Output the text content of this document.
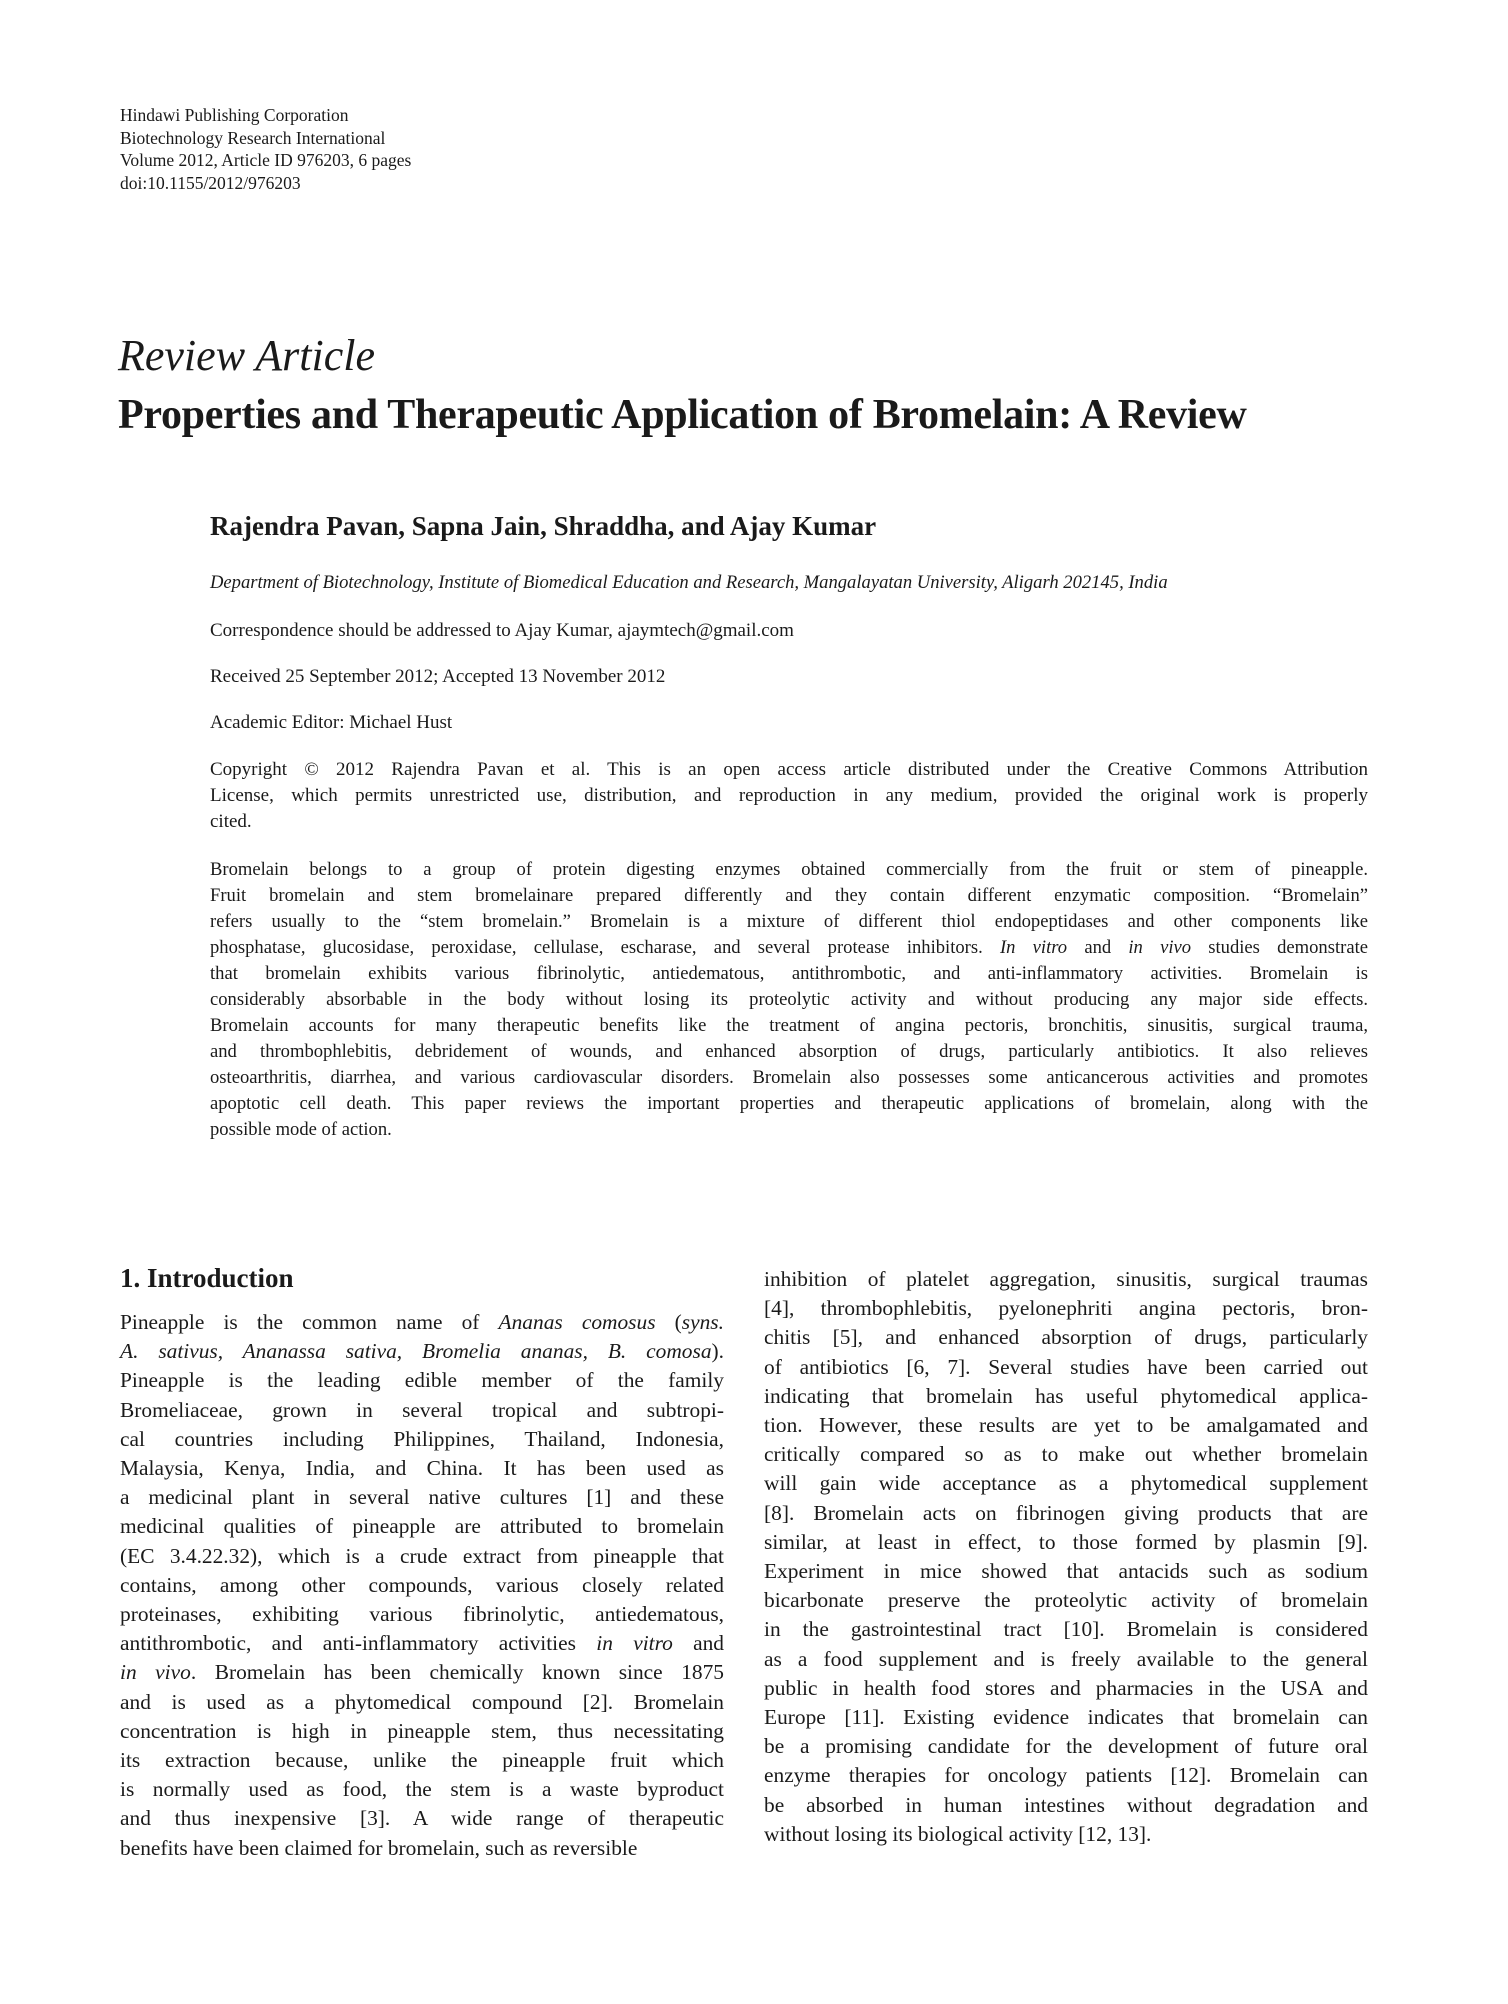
Hindawi Publishing Corporation
Biotechnology Research International
Volume 2012, Article ID 976203, 6 pages
doi:10.1155/2012/976203
Review Article
Properties and Therapeutic Application of Bromelain: A Review
Rajendra Pavan, Sapna Jain, Shraddha, and Ajay Kumar
Department of Biotechnology, Institute of Biomedical Education and Research, Mangalayatan University, Aligarh 202145, India
Correspondence should be addressed to Ajay Kumar, ajaymtech@gmail.com
Received 25 September 2012; Accepted 13 November 2012
Academic Editor: Michael Hust
Copyright © 2012 Rajendra Pavan et al. This is an open access article distributed under the Creative Commons Attribution
License, which permits unrestricted use, distribution, and reproduction in any medium, provided the original work is properly
cited.
Bromelain belongs to a group of protein digesting enzymes obtained commercially from the fruit or stem of pineapple.
Fruit bromelain and stem bromelainare prepared differently and they contain different enzymatic composition. “Bromelain”
refers usually to the “stem bromelain.” Bromelain is a mixture of different thiol endopeptidases and other components like
phosphatase, glucosidase, peroxidase, cellulase, escharase, and several protease inhibitors. In vitro and in vivo studies demonstrate
that bromelain exhibits various fibrinolytic, antiedematous, antithrombotic, and anti-inflammatory activities. Bromelain is
considerably absorbable in the body without losing its proteolytic activity and without producing any major side effects.
Bromelain accounts for many therapeutic benefits like the treatment of angina pectoris, bronchitis, sinusitis, surgical trauma,
and thrombophlebitis, debridement of wounds, and enhanced absorption of drugs, particularly antibiotics. It also relieves
osteoarthritis, diarrhea, and various cardiovascular disorders. Bromelain also possesses some anticancerous activities and promotes
apoptotic cell death. This paper reviews the important properties and therapeutic applications of bromelain, along with the
possible mode of action.
1. Introduction
Pineapple is the common name of Ananas comosus (syns.
A. sativus, Ananassa sativa, Bromelia ananas, B. comosa).
Pineapple is the leading edible member of the family
Bromeliaceae, grown in several tropical and subtropi-
cal countries including Philippines, Thailand, Indonesia,
Malaysia, Kenya, India, and China. It has been used as
a medicinal plant in several native cultures [1] and these
medicinal qualities of pineapple are attributed to bromelain
(EC 3.4.22.32), which is a crude extract from pineapple that
contains, among other compounds, various closely related
proteinases, exhibiting various fibrinolytic, antiedematous,
antithrombotic, and anti-inflammatory activities in vitro and
in vivo. Bromelain has been chemically known since 1875
and is used as a phytomedical compound [2]. Bromelain
concentration is high in pineapple stem, thus necessitating
its extraction because, unlike the pineapple fruit which
is normally used as food, the stem is a waste byproduct
and thus inexpensive [3]. A wide range of therapeutic
benefits have been claimed for bromelain, such as reversible
inhibition of platelet aggregation, sinusitis, surgical traumas
[4], thrombophlebitis, pyelonephriti angina pectoris, bron-
chitis [5], and enhanced absorption of drugs, particularly
of antibiotics [6, 7]. Several studies have been carried out
indicating that bromelain has useful phytomedical applica-
tion. However, these results are yet to be amalgamated and
critically compared so as to make out whether bromelain
will gain wide acceptance as a phytomedical supplement
[8]. Bromelain acts on fibrinogen giving products that are
similar, at least in effect, to those formed by plasmin [9].
Experiment in mice showed that antacids such as sodium
bicarbonate preserve the proteolytic activity of bromelain
in the gastrointestinal tract [10]. Bromelain is considered
as a food supplement and is freely available to the general
public in health food stores and pharmacies in the USA and
Europe [11]. Existing evidence indicates that bromelain can
be a promising candidate for the development of future oral
enzyme therapies for oncology patients [12]. Bromelain can
be absorbed in human intestines without degradation and
without losing its biological activity [12, 13].
